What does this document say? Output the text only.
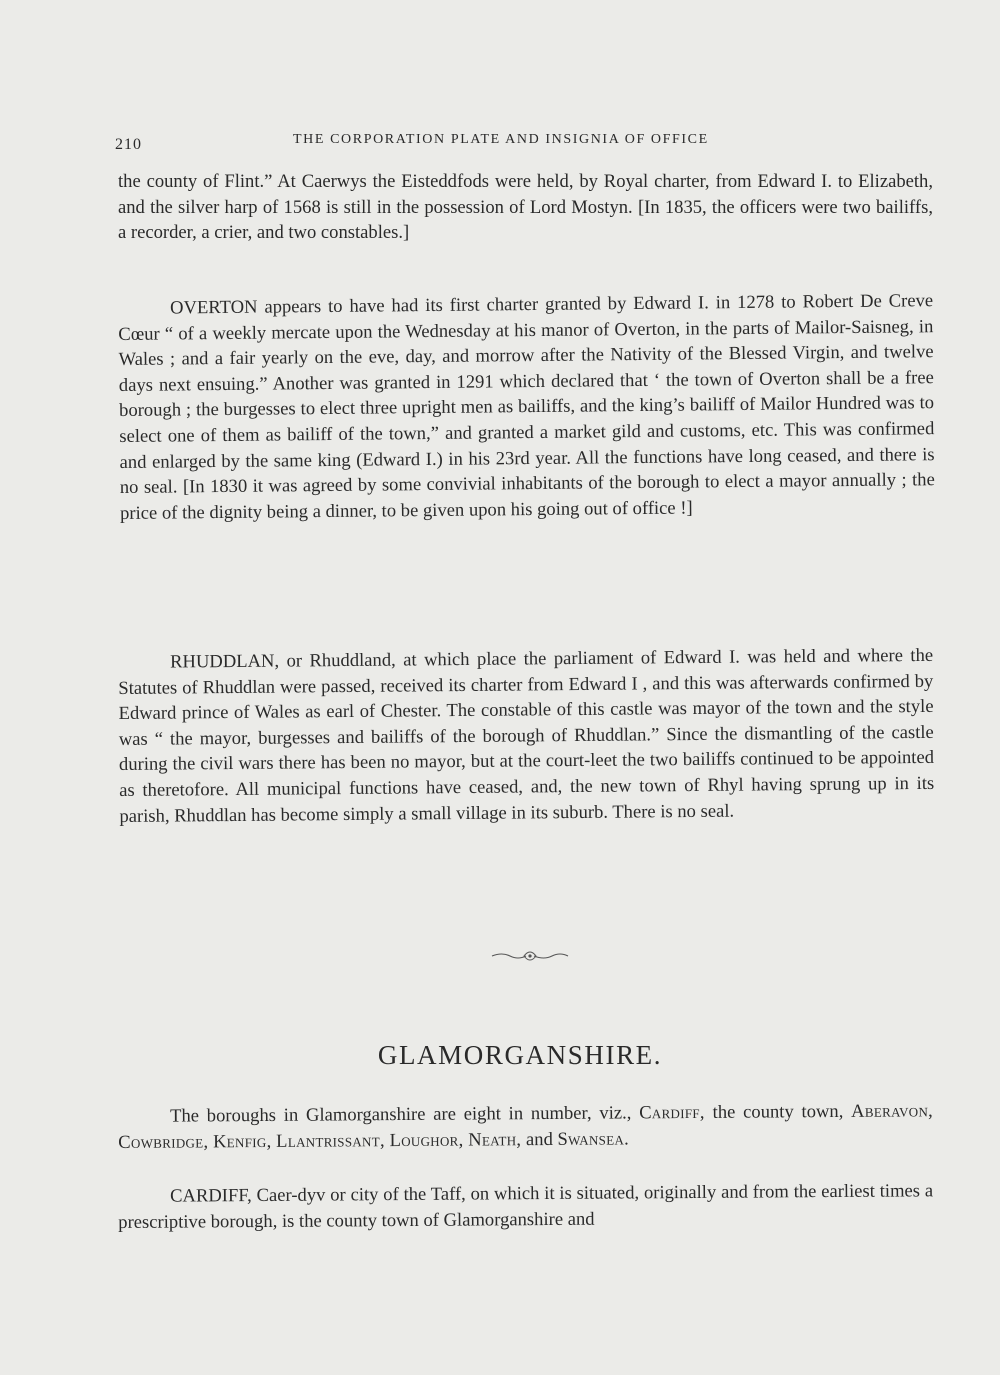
210	THE CORPORATION PLATE AND INSIGNIA OF OFFICE

the county of Flint.” At Caerwys the Eisteddfods were held, by Royal charter, from Edward I. to Elizabeth, and the silver harp of 1568 is still in the possession of Lord Mostyn. [In 1835, the officers were two bailiffs, a recorder, a crier, and two constables.]

OVERTON appears to have had its first charter granted by Edward I. in 1278 to Robert De Creve Cœur “ of a weekly mercate upon the Wednesday at his manor of Overton, in the parts of Mailor-Saisneg, in Wales ; and a fair yearly on the eve, day, and morrow after the Nativity of the Blessed Virgin, and twelve days next ensuing.” Another was granted in 1291 which declared that ‘ the town of Overton shall be a free borough ; the burgesses to elect three upright men as bailiffs, and the king’s bailiff of Mailor Hundred was to select one of them as bailiff of the town,” and granted a market gild and customs, etc. This was confirmed and enlarged by the same king (Edward I.) in his 23rd year. All the functions have long ceased, and there is no seal. [In 1830 it was agreed by some convivial inhabitants of the borough to elect a mayor annually ; the price of the dignity being a dinner, to be given upon his going out of office !]

RHUDDLAN, or Rhuddland, at which place the parliament of Edward I. was held and where the Statutes of Rhuddlan were passed, received its charter from Edward I , and this was afterwards confirmed by Edward prince of Wales as earl of Chester. The constable of this castle was mayor of the town and the style was “ the mayor, burgesses and bailiffs of the borough of Rhuddlan.” Since the dismantling of the castle during the civil wars there has been no mayor, but at the court-leet the two bailiffs continued to be appointed as theretofore. All municipal functions have ceased, and, the new town of Rhyl having sprung up in its parish, Rhuddlan has become simply a small village in its suburb. There is no seal.

GLAMORGANSHIRE.

The boroughs in Glamorganshire are eight in number, viz., Cardiff, the county town, Aberavon, Cowbridge, Kenfig, Llantrissant, Loughor, Neath, and Swansea.

CARDIFF, Caer-dyv or city of the Taff, on which it is situated, originally and from the earliest times a prescriptive borough, is the county town of Glamorganshire and
